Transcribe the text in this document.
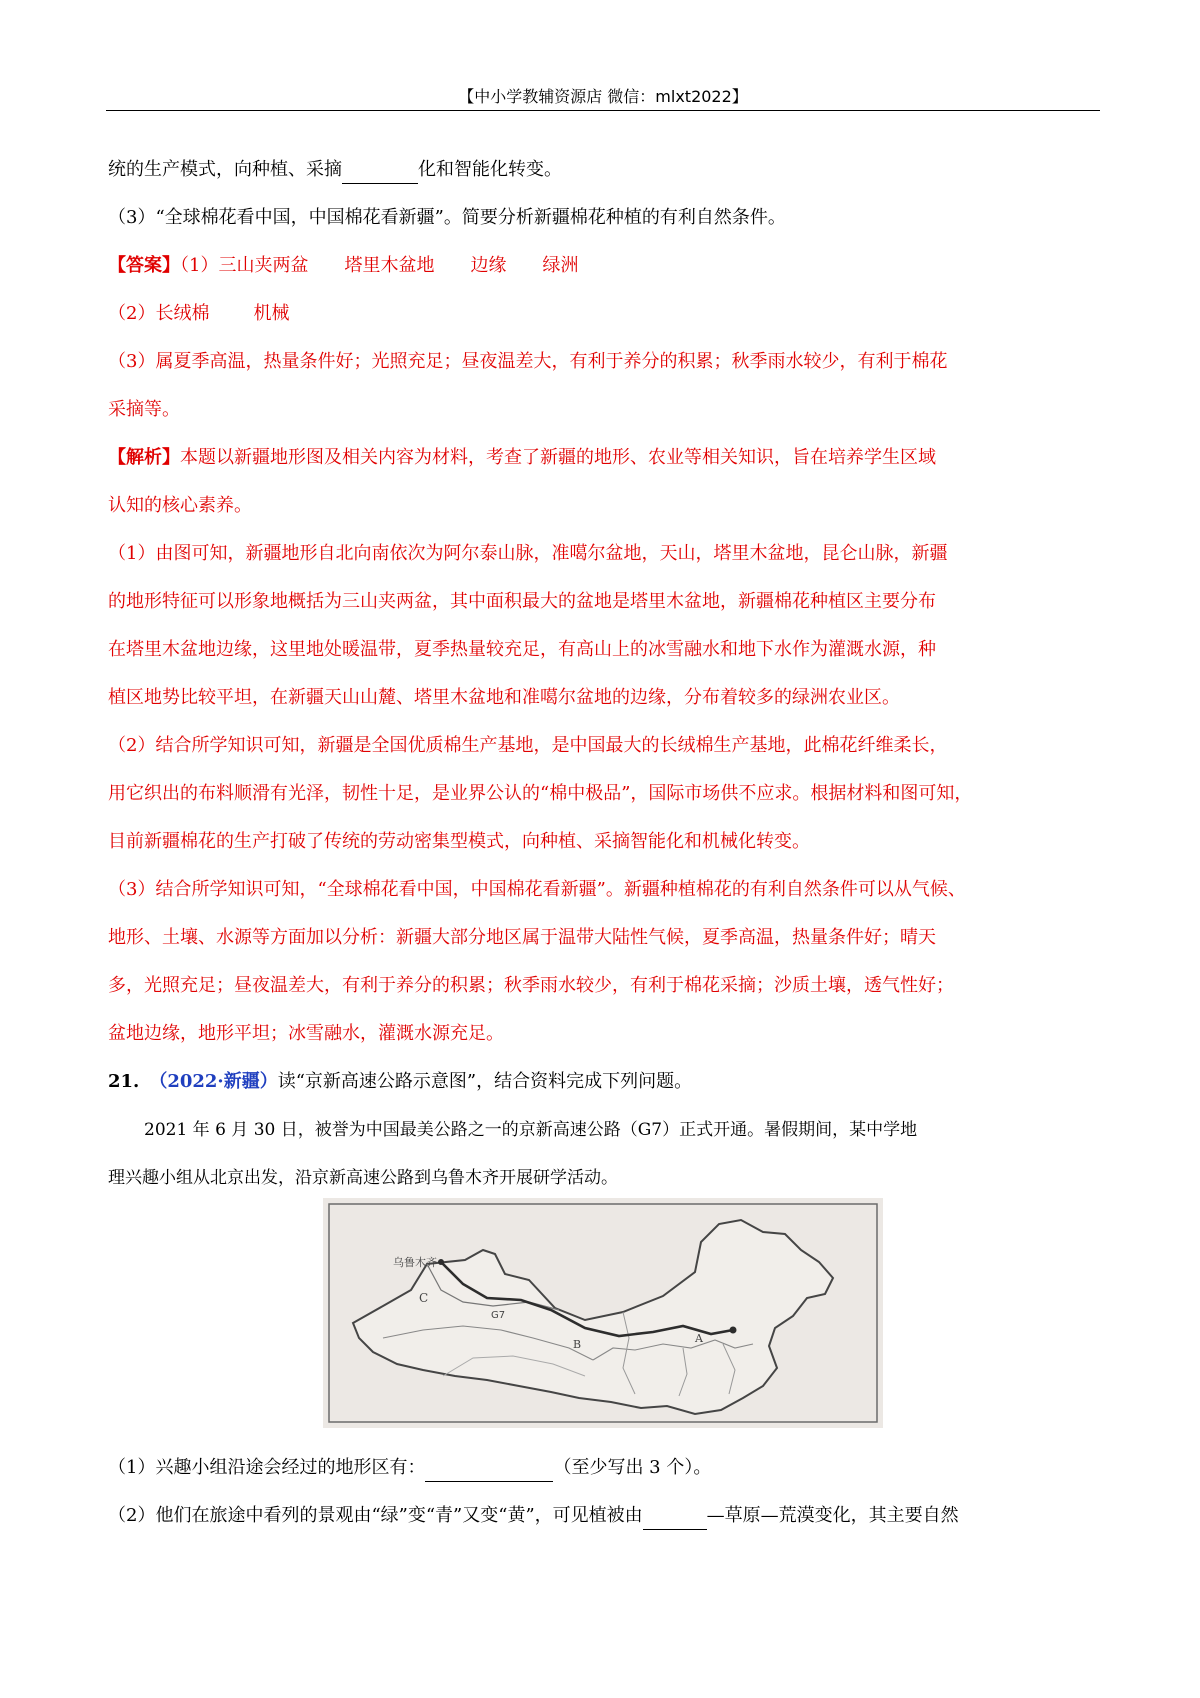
【中小学教辅资源店 微信：mlxt2022】
统的生产模式，向种植、采摘	化和智能化转变。
（3）“全球棉花看中国，中国棉花看新疆”。简要分析新疆棉花种植的有利自然条件。
【答案】（1）三山夹两盆 塔里木盆地 边缘 绿洲
（2）长绒棉 机械
（3）属夏季高温，热量条件好；光照充足；昼夜温差大，有利于养分的积累；秋季雨水较少，有利于棉花
采摘等。
【解析】本题以新疆地形图及相关内容为材料，考查了新疆的地形、农业等相关知识，旨在培养学生区域
认知的核心素养。
（1）由图可知，新疆地形自北向南依次为阿尔泰山脉，准噶尔盆地，天山，塔里木盆地，昆仑山脉，新疆
的地形特征可以形象地概括为三山夹两盆，其中面积最大的盆地是塔里木盆地，新疆棉花种植区主要分布
在塔里木盆地边缘，这里地处暖温带，夏季热量较充足，有高山上的冰雪融水和地下水作为灌溉水源，种
植区地势比较平坦，在新疆天山山麓、塔里木盆地和准噶尔盆地的边缘，分布着较多的绿洲农业区。
（2）结合所学知识可知，新疆是全国优质棉生产基地，是中国最大的长绒棉生产基地，此棉花纤维柔长，
用它织出的布料顺滑有光泽，韧性十足，是业界公认的“棉中极品”，国际市场供不应求。根据材料和图可知，
目前新疆棉花的生产打破了传统的劳动密集型模式，向种植、采摘智能化和机械化转变。
（3）结合所学知识可知，“全球棉花看中国，中国棉花看新疆”。新疆种植棉花的有利自然条件可以从气候、
地形、土壤、水源等方面加以分析：新疆大部分地区属于温带大陆性气候，夏季高温，热量条件好；晴天
多，光照充足；昼夜温差大，有利于养分的积累；秋季雨水较少，有利于棉花采摘；沙质土壤，透气性好；
盆地边缘，地形平坦；冰雪融水，灌溉水源充足。
21. （2022·新疆）读“京新高速公路示意图”，结合资料完成下列问题。
2021 年 6 月 30 日，被誉为中国最美公路之一的京新高速公路（G7）正式开通。暑假期间，某中学地
理兴趣小组从北京出发，沿京新高速公路到乌鲁木齐开展研学活动。
乌鲁木齐
C
G7
B	A
（1）兴趣小组沿途会经过的地形区有：	（至少写出 3 个）。
（2）他们在旅途中看列的景观由“绿”变“青”又变“黄”，可见植被由	—草原—荒漠变化，其主要自然
